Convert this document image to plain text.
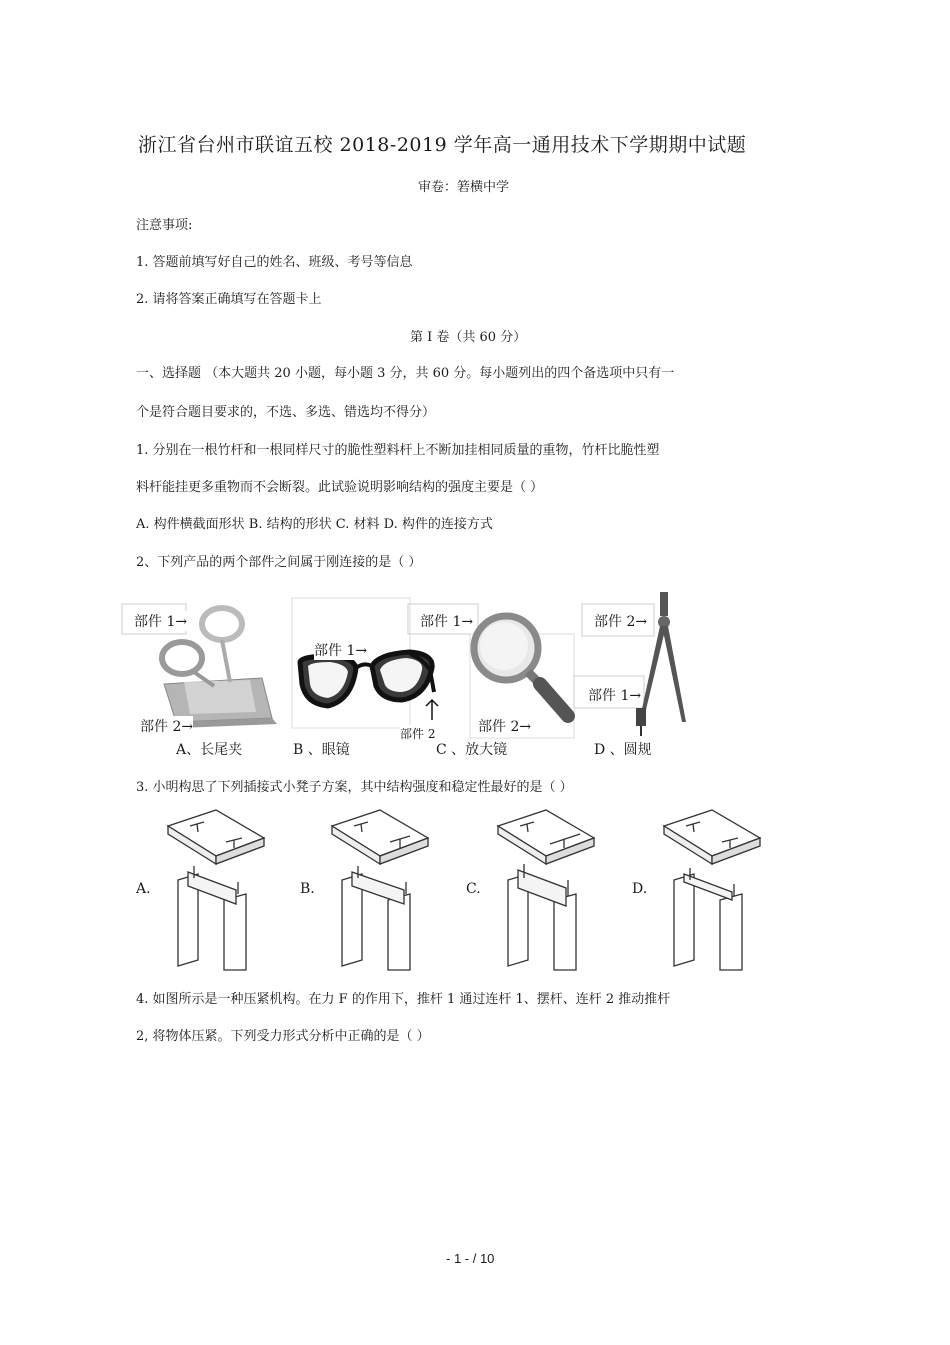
浙江省台州市联谊五校 2018-2019 学年高一通用技术下学期期中试题
审卷：箬横中学
注意事项:
1. 答题前填写好自己的姓名、班级、考号等信息
2. 请将答案正确填写在答题卡上
第 Ⅰ 卷（共 60 分）
一、选择题 （本大题共 20 小题，每小题 3 分，共 60 分。每小题列出的四个备选项中只有一
个是符合题目要求的，不选、多选、错选均不得分）
1. 分别在一根竹杆和一根同样尺寸的脆性塑料杆上不断加挂相同质量的重物，竹杆比脆性塑
料杆能挂更多重物而不会断裂。此试验说明影响结构的强度主要是（ ）
A. 构件横截面形状 B. 结构的形状 C. 材料 D. 构件的连接方式
2、下列产品的两个部件之间属于刚连接的是（ ）
部件 1→
部件 2→
部件 1→
部件 2
部件 1→
部件 2→
部件 2→
部件 1→
A、长尾夹	B 、眼镜	C 、放大镜	D 、圆规
3. 小明构思了下列插接式小凳子方案，其中结构强度和稳定性最好的是（ ）
A.	B.	C.	D.
4. 如图所示是一种压紧机构。在力 F 的作用下，推杆 1 通过连杆 1、摆杆、连杆 2 推动推杆
2, 将物体压紧。下列受力形式分析中正确的是（ ）
- 1 - / 10
